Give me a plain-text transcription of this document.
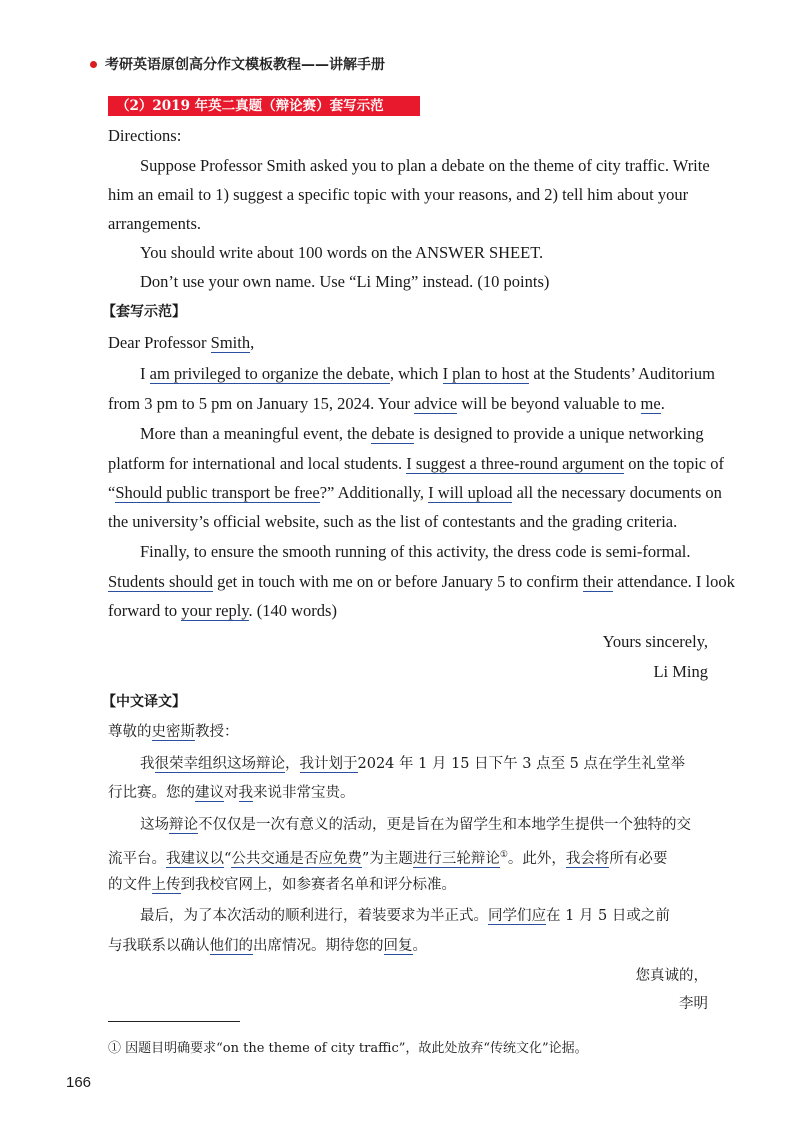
考研英语原创高分作文模板教程——讲解手册
（2）2019 年英二真题（辩论赛）套写示范
Directions:
Suppose Professor Smith asked you to plan a debate on the theme of city traffic. Write
him an email to 1) suggest a specific topic with your reasons, and 2) tell him about your
arrangements.
You should write about 100 words on the ANSWER SHEET.
Don’t use your own name. Use “Li Ming” instead. (10 points)
【套写示范】
Dear Professor Smith,
I am privileged to organize the debate, which I plan to host at the Students’ Auditorium
from 3 pm to 5 pm on January 15, 2024. Your advice will be beyond valuable to me.
More than a meaningful event, the debate is designed to provide a unique networking
platform for international and local students. I suggest a three-round argument on the topic of
“Should public transport be free?” Additionally, I will upload all the necessary documents on
the university’s official website, such as the list of contestants and the grading criteria.
Finally, to ensure the smooth running of this activity, the dress code is semi-formal.
Students should get in touch with me on or before January 5 to confirm their attendance. I look
forward to your reply. (140 words)
Yours sincerely,
Li Ming
【中文译文】
尊敬的史密斯教授：
我很荣幸组织这场辩论，我计划于2024 年 1 月 15 日下午 3 点至 5 点在学生礼堂举
行比赛。您的建议对我来说非常宝贵。
这场辩论不仅仅是一次有意义的活动，更是旨在为留学生和本地学生提供一个独特的交
流平台。我建议以“公共交通是否应免费”为主题进行三轮辩论①。此外，我会将所有必要
的文件上传到我校官网上，如参赛者名单和评分标准。
最后，为了本次活动的顺利进行，着装要求为半正式。同学们应在 1 月 5 日或之前
与我联系以确认他们的出席情况。期待您的回复。
您真诚的，
李明
① 因题目明确要求“on the theme of city traffic”，故此处放弃“传统文化”论据。
166
